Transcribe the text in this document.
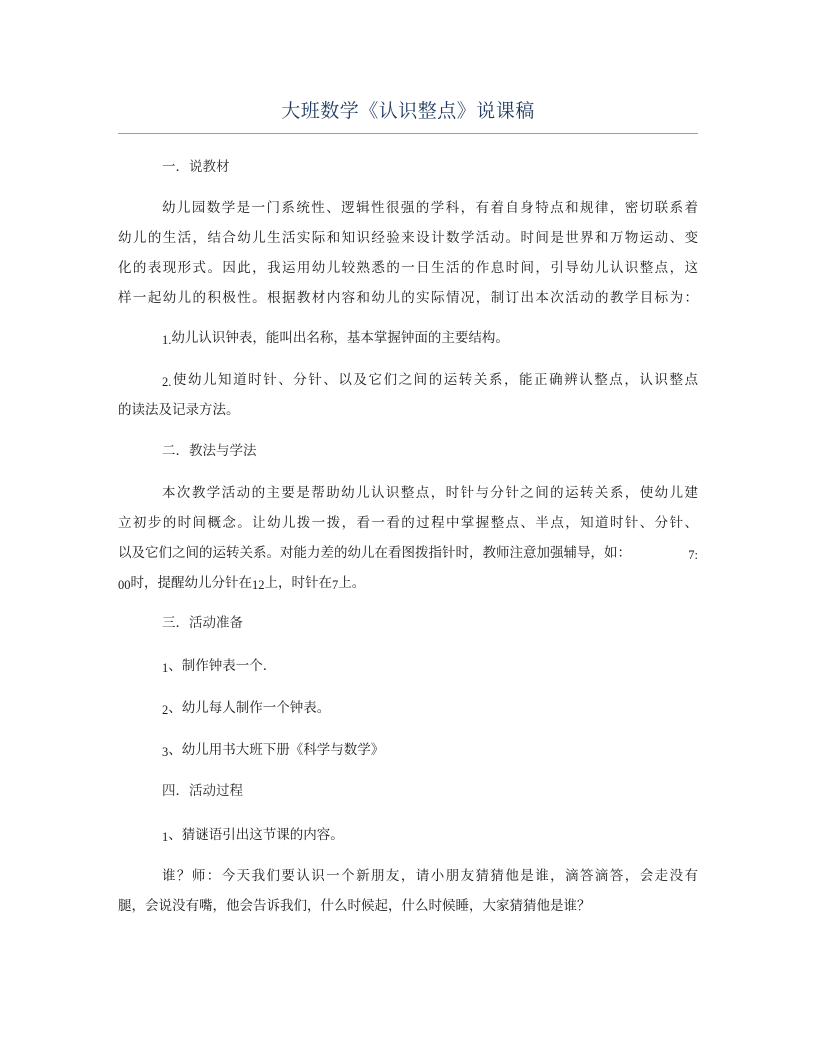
大班数学《认识整点》说课稿
一．说教材
幼儿园数学是一门系统性、逻辑性很强的学科，有着自身特点和规律，密切联系着
幼儿的生活，结合幼儿生活实际和知识经验来设计数学活动。时间是世界和万物运动、变
化的表现形式。因此，我运用幼儿较熟悉的一日生活的作息时间，引导幼儿认识整点，这
样一起幼儿的积极性。根据教材内容和幼儿的实际情况，制订出本次活动的教学目标为：
1.幼儿认识钟表，能叫出名称，基本掌握钟面的主要结构。
2.使幼儿知道时针、分针、以及它们之间的运转关系，能正确辨认整点，认识整点
的读法及记录方法。
二．教法与学法
本次教学活动的主要是帮助幼儿认识整点，时针与分针之间的运转关系，使幼儿建
立初步的时间概念。让幼儿拨一拨，看一看的过程中掌握整点、半点，知道时针、分针、
以及它们之间的运转关系。对能力差的幼儿在看图拨指针时，教师注意加强辅导，如：	7:
00时，提醒幼儿分针在12上，时针在7上。
三．活动准备
1、制作钟表一个.
2、幼儿每人制作一个钟表。
3、幼儿用书大班下册《科学与数学》
四．活动过程
1、猜谜语引出这节课的内容。
谁？师：今天我们要认识一个新朋友，请小朋友猜猜他是谁，滴答滴答，会走没有
腿，会说没有嘴，他会告诉我们，什么时候起，什么时候睡，大家猜猜他是谁？
